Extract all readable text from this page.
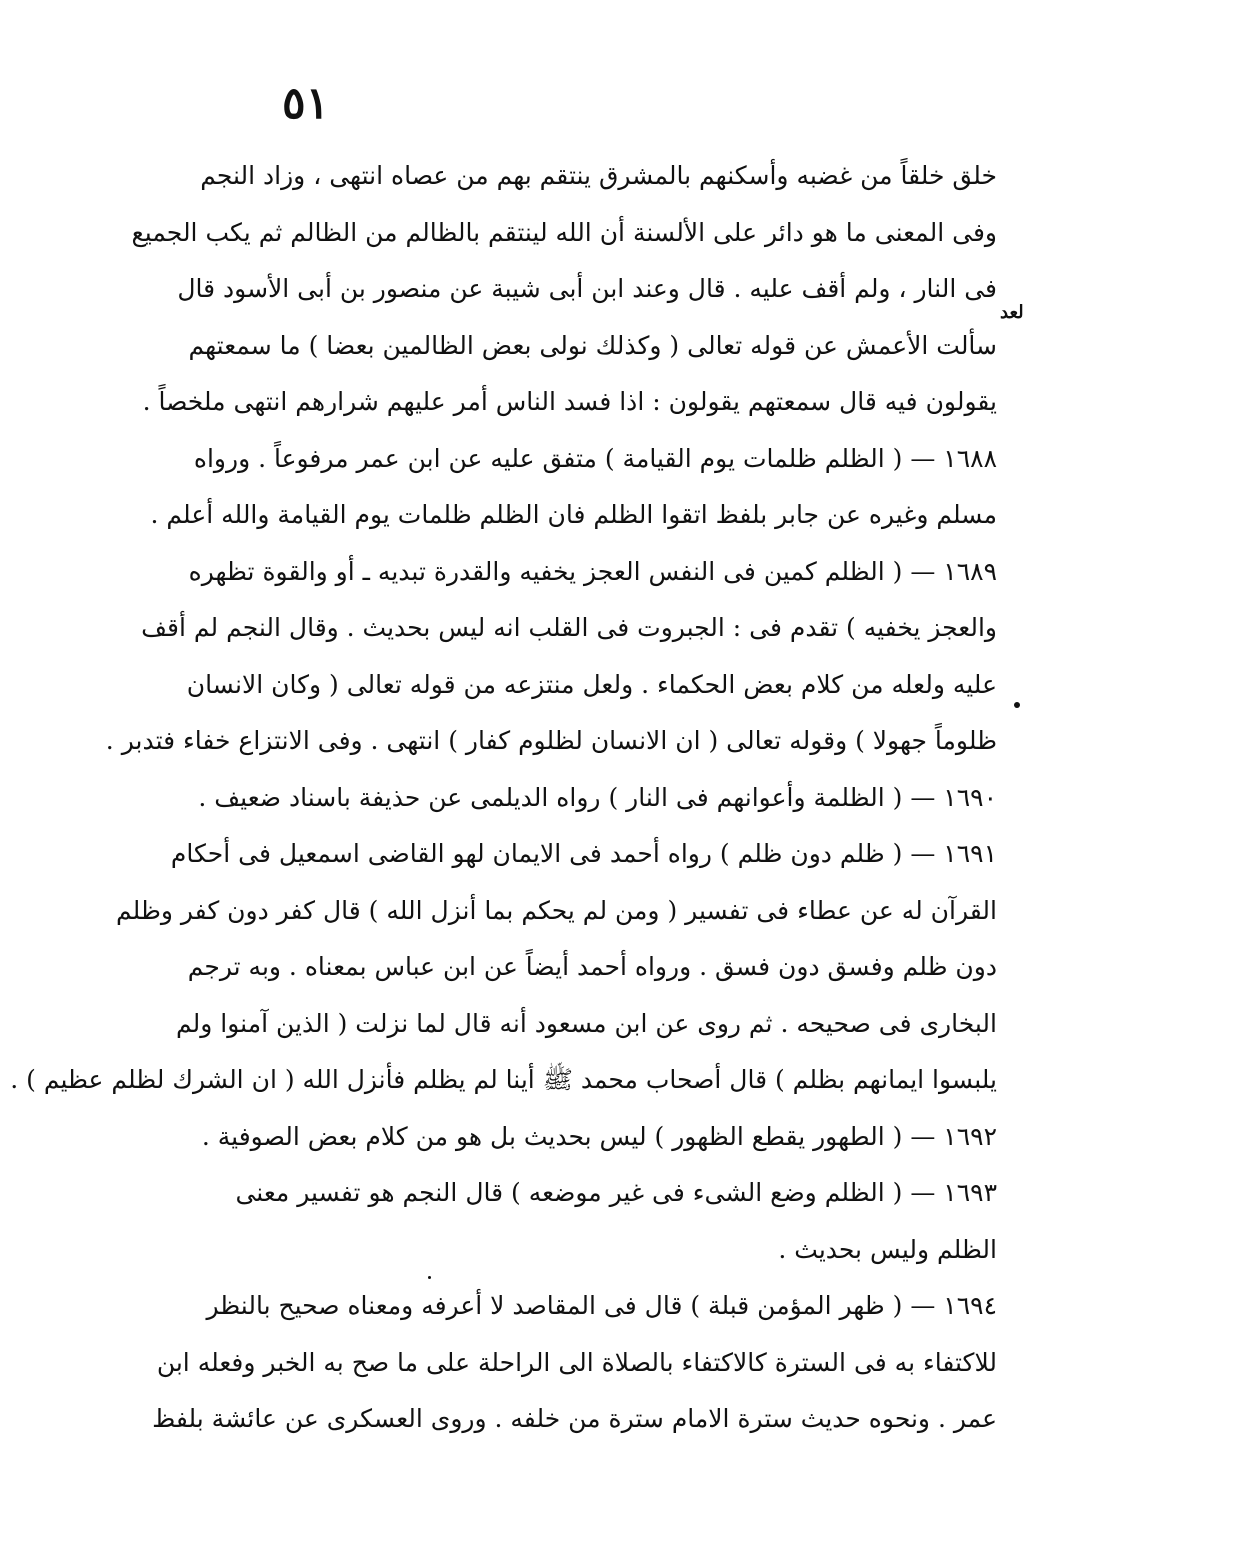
٥١
لعد
خلق خلقاً من غضبه وأسكنهم بالمشرق ينتقم بهم من عصاه انتهى ، وزاد النجم
وفى المعنى ما هو دائر على الألسنة أن الله لينتقم بالظالم من الظالم ثم يكب الجميع
فى النار ، ولم أقف عليه . قال وعند ابن أبى شيبة عن منصور بن أبى الأسود قال
سألت الأعمش عن قوله تعالى ( وكذلك نولى بعض الظالمين بعضا ) ما سمعتهم
يقولون فيه قال سمعتهم يقولون : اذا فسد الناس أمر عليهم شرارهم انتهى ملخصاً .
١٦٨٨ — ( الظلم ظلمات يوم القيامة ) متفق عليه عن ابن عمر مرفوعاً . ورواه
مسلم وغيره عن جابر بلفظ اتقوا الظلم فان الظلم ظلمات يوم القيامة والله أعلم .
١٦٨٩ — ( الظلم كمين فى النفس العجز يخفيه والقدرة تبديه ـ أو والقوة تظهره
والعجز يخفيه ) تقدم فى : الجبروت فى القلب انه ليس بحديث . وقال النجم لم أقف
عليه ولعله من كلام بعض الحكماء . ولعل منتزعه من قوله تعالى ( وكان الانسان
ظلوماً جهولا ) وقوله تعالى ( ان الانسان لظلوم كفار ) انتهى . وفى الانتزاع خفاء فتدبر .
١٦٩٠ — ( الظلمة وأعوانهم فى النار ) رواه الديلمى عن حذيفة باسناد ضعيف .
١٦٩١ — ( ظلم دون ظلم ) رواه أحمد فى الايمان لهو القاضى اسمعيل فى أحكام
القرآن له عن عطاء فى تفسير ( ومن لم يحكم بما أنزل الله ) قال كفر دون كفر وظلم
دون ظلم وفسق دون فسق . ورواه أحمد أيضاً عن ابن عباس بمعناه . وبه ترجم
البخارى فى صحيحه . ثم روى عن ابن مسعود أنه قال لما نزلت ( الذين آمنوا ولم
يلبسوا ايمانهم بظلم ) قال أصحاب محمد ﷺ أينا لم يظلم فأنزل الله ( ان الشرك لظلم عظيم ) .
١٦٩٢ — ( الطهور يقطع الظهور ) ليس بحديث بل هو من كلام بعض الصوفية .
١٦٩٣ — ( الظلم وضع الشىء فى غير موضعه ) قال النجم هو تفسير معنى
الظلم وليس بحديث .
١٦٩٤ — ( ظهر المؤمن قبلة ) قال فى المقاصد لا أعرفه ومعناه صحيح بالنظر
للاكتفاء به فى السترة كالاكتفاء بالصلاة الى الراحلة على ما صح به الخبر وفعله ابن
عمر . ونحوه حديث سترة الامام سترة من خلفه . وروى العسكرى عن عائشة بلفظ
